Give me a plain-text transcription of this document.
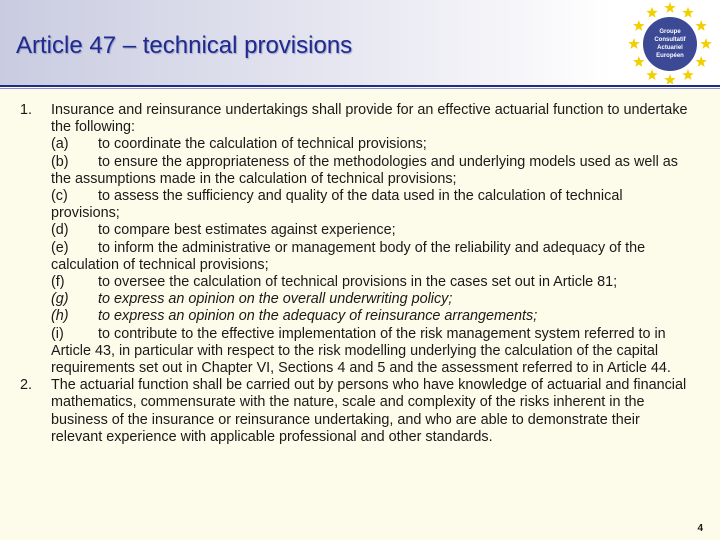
Article 47 – technical provisions	Groupe
Consultatif
Actuariel
Européen
1.	Insurance and reinsurance undertakings shall provide for an effective actuarial function to undertake the following:
(a) to coordinate the calculation of technical provisions;
(b) to ensure the appropriateness of the methodologies and underlying models used as well as the assumptions made in the calculation of technical provisions;
(c) to assess the sufficiency and quality of the data used in the calculation of technical provisions;
(d) to compare best estimates against experience;
(e) to inform the administrative or management body of the reliability and adequacy of the calculation of technical provisions;
(f) to oversee the calculation of technical provisions in the cases set out in Article 81;
(g) to express an opinion on the overall underwriting policy;
(h) to express an opinion on the adequacy of reinsurance arrangements;
(i) to contribute to the effective implementation of the risk management system referred to in Article 43, in particular with respect to the risk modelling underlying the calculation of the capital requirements set out in Chapter VI, Sections 4 and 5 and the assessment referred to in Article 44.
2.	The actuarial function shall be carried out by persons who have knowledge of actuarial and financial mathematics, commensurate with the nature, scale and complexity of the risks inherent in the business of the insurance or reinsurance undertaking, and who are able to demonstrate their relevant experience with applicable professional and other standards.
4
